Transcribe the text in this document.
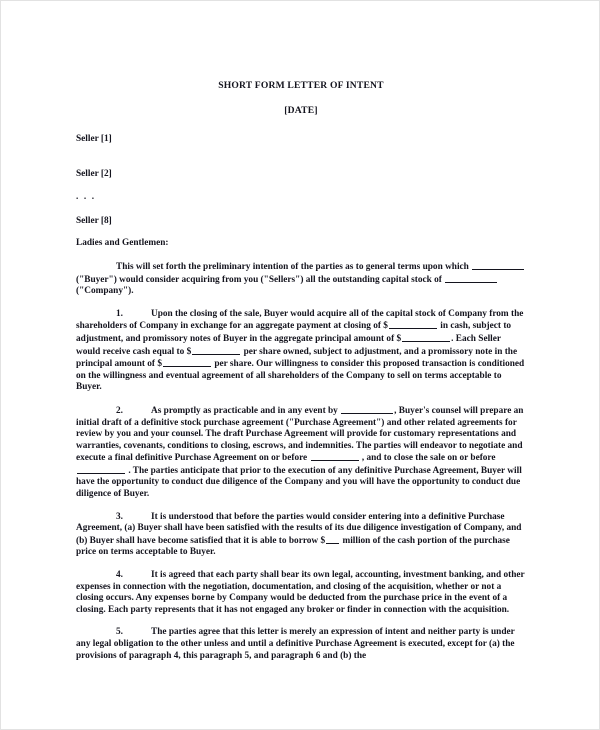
SHORT FORM LETTER OF INTENT
[DATE]
Seller [1]
Seller [2]
. . .
Seller [8]
Ladies and Gentlemen:
This will set forth the preliminary intention of the parties as to general terms upon which  ("Buyer") would consider acquiring from you ("Sellers") all the outstanding capital stock of  ("Company").
1.	Upon the closing of the sale, Buyer would acquire all of the capital stock of Company from the shareholders of Company in exchange for an aggregate payment at closing of $	in cash, subject to adjustment, and promissory notes of Buyer in the aggregate principal amount of $	. Each Seller would receive cash equal to $	per share owned, subject to adjustment, and a promissory note in the principal amount of $	per share. Our willingness to consider this proposed transaction is conditioned on the willingness and eventual agreement of all shareholders of the Company to sell on terms acceptable to Buyer.
2.	As promptly as practicable and in any event by	, Buyer's counsel will prepare an initial draft of a definitive stock purchase agreement ("Purchase Agreement") and other related agreements for review by you and your counsel. The draft Purchase Agreement will provide for customary representations and warranties, covenants, conditions to closing, escrows, and indemnities. The parties will endeavor to negotiate and execute a final definitive Purchase Agreement on or before	, and to close the sale on or before  . The parties anticipate that prior to the execution of any definitive Purchase Agreement, Buyer will have the opportunity to conduct due diligence of the Company and you will have the opportunity to conduct due diligence of Buyer.
3.	It is understood that before the parties would consider entering into a definitive Purchase Agreement, (a) Buyer shall have been satisfied with the results of its due diligence investigation of Company, and (b) Buyer shall have become satisfied that it is able to borrow $ million of the cash portion of the purchase price on terms acceptable to Buyer.
4.	It is agreed that each party shall bear its own legal, accounting, investment banking, and other expenses in connection with the negotiation, documentation, and closing of the acquisition, whether or not a closing occurs. Any expenses borne by Company would be deducted from the purchase price in the event of a closing. Each party represents that it has not engaged any broker or finder in connection with the acquisition.
5.	The parties agree that this letter is merely an expression of intent and neither party is under any legal obligation to the other unless and until a definitive Purchase Agreement is executed, except for (a) the provisions of paragraph 4, this paragraph 5, and paragraph 6 and (b) the
